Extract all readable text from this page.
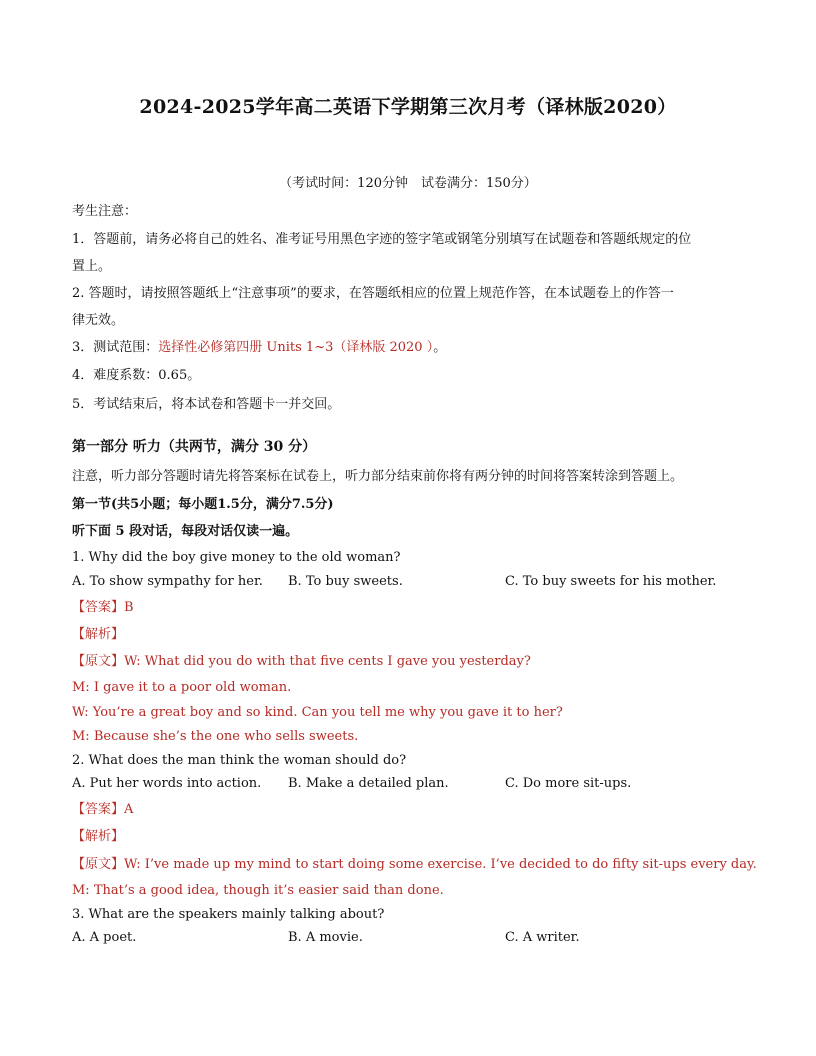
2024-2025学年高二英语下学期第三次月考（译林版2020）
（考试时间：120分钟　试卷满分：150分）
考生注意：
1．答题前，请务必将自己的姓名、准考证号用黑色字迹的签字笔或钢笔分别填写在试题卷和答题纸规定的位
置上。
2. 答题时，请按照答题纸上“注意事项”的要求，在答题纸相应的位置上规范作答，在本试题卷上的作答一
律无效。
3．测试范围：选择性必修第四册 Units 1~3（译林版 2020 ）。
4．难度系数：0.65。
5．考试结束后，将本试卷和答题卡一并交回。
第一部分 听力（共两节，满分 30 分）
注意，听力部分答题时请先将答案标在试卷上，听力部分结束前你将有两分钟的时间将答案转涂到答题上。
第一节(共5小题；每小题1.5分，满分7.5分)
听下面 5 段对话，每段对话仅读一遍。
1. Why did the boy give money to the old woman?
A. To show sympathy for her. B. To buy sweets.	C. To buy sweets for his mother.
【答案】B
【解析】
【原文】W: What did you do with that five cents I gave you yesterday?
M: I gave it to a poor old woman.
W: You’re a great boy and so kind. Can you tell me why you gave it to her?
M: Because she’s the one who sells sweets.
2. What does the man think the woman should do?
A. Put her words into action. B. Make a detailed plan.	C. Do more sit-ups.
【答案】A
【解析】
【原文】W: I’ve made up my mind to start doing some exercise. I’ve decided to do fifty sit-ups every day.
M: That’s a good idea, though it’s easier said than done.
3. What are the speakers mainly talking about?
A. A poet.	B. A movie.	C. A writer.
